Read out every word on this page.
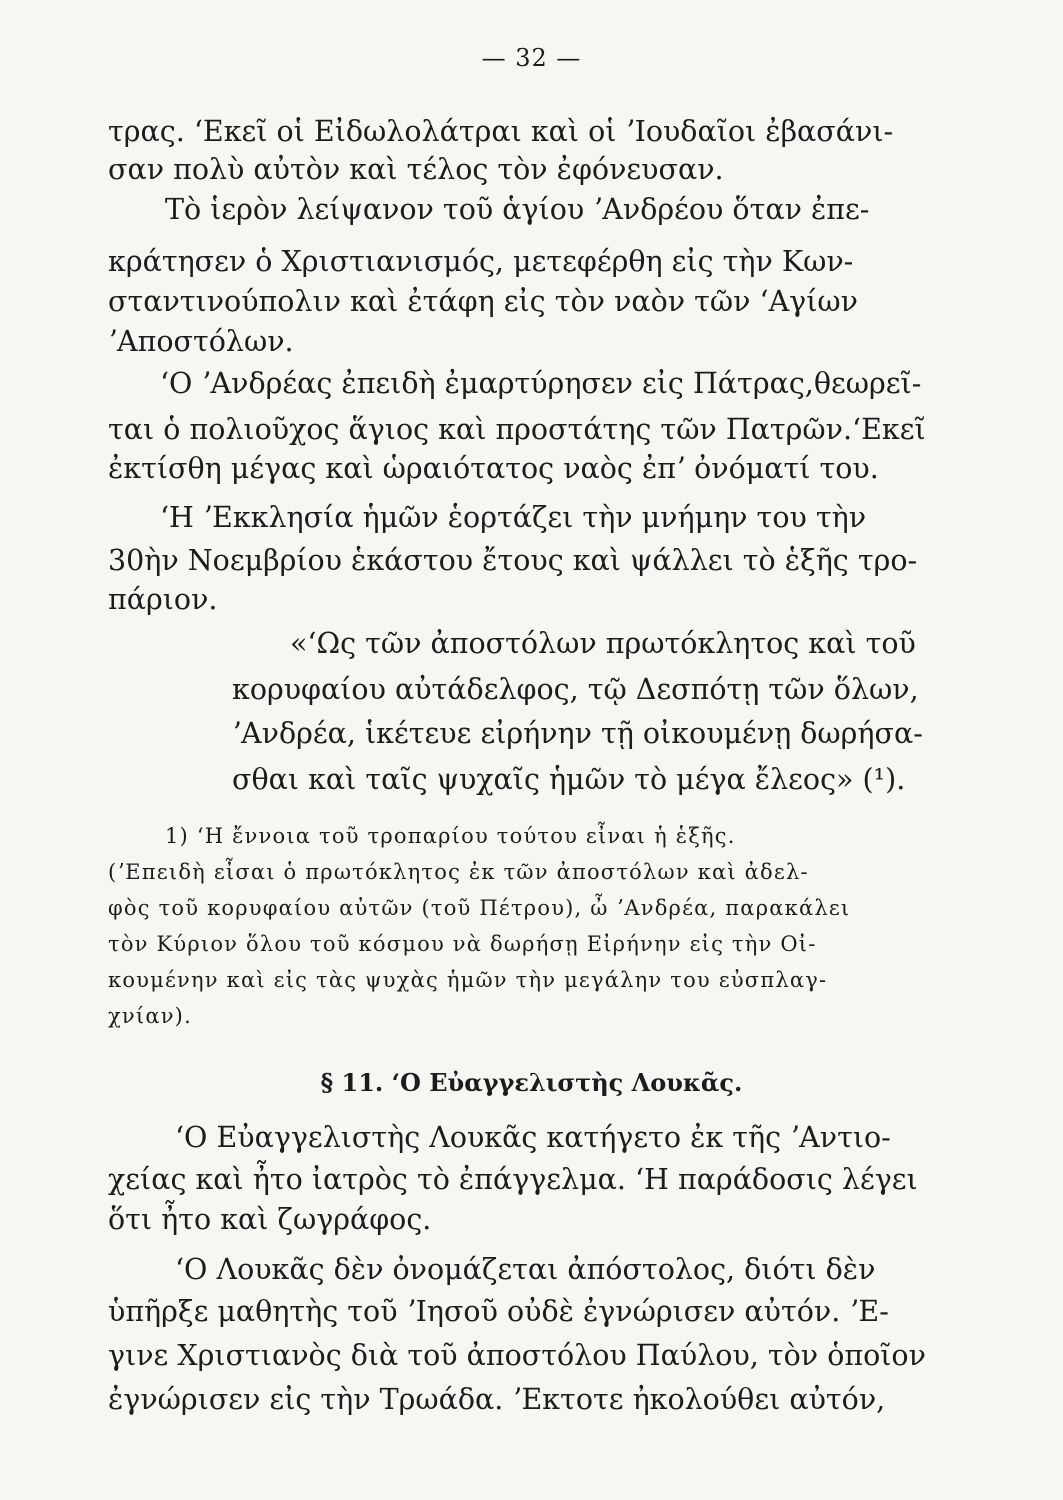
— 32 —
τρας. ʻΕκεῖ οἱ Εἰδωλολάτραι καὶ οἱ ʼΙουδαῖοι ἐβασάνι-
σαν πολὺ αὐτὸν καὶ τέλος τὸν ἐφόνευσαν.
Τὸ ἱερὸν λείψανον τοῦ ἁγίου ʼΑνδρέου ὅταν ἐπε-
κράτησεν ὁ Χριστιανισμός, μετεφέρθη εἰς τὴν Κων-
σταντινούπολιν καὶ ἐτάφη εἰς τὸν ναὸν τῶν ʻΑγίων
ʼΑποστόλων.
ʻΟ ʼΑνδρέας ἐπειδὴ ἐμαρτύρησεν εἰς Πάτρας,θεωρεῖ-
ται ὁ πολιοῦχος ἅγιος καὶ προστάτης τῶν Πατρῶν.ʻΕκεῖ
ἐκτίσθη μέγας καὶ ὡραιότατος ναὸς ἐπʼ ὀνόματί του.
ʻΗ ʼΕκκλησία ἡμῶν ἑορτάζει τὴν μνήμην του τὴν
30ὴν Νοεμβρίου ἑκάστου ἔτους καὶ ψάλλει τὸ ἑξῆς τρο-
πάριον.
«ʻΩς τῶν ἀποστόλων πρωτόκλητος καὶ τοῦ
κορυφαίου αὐτάδελφος, τῷ Δεσπότῃ τῶν ὅλων,
ʼΑνδρέα, ἱκέτευε εἰρήνην τῇ οἰκουμένῃ δωρήσα-
σθαι καὶ ταῖς ψυχαῖς ἡμῶν τὸ μέγα ἔλεος» (¹).
1) ʻΗ ἔννοια τοῦ τροπαρίου τούτου εἶναι ἡ ἑξῆς.
(ʼΕπειδὴ εἶσαι ὁ πρωτόκλητος ἐκ τῶν ἀποστόλων καὶ ἀδελ-
φὸς τοῦ κορυφαίου αὐτῶν (τοῦ Πέτρου), ὦ ʼΑνδρέα, παρακάλει
τὸν Κύριον ὅλου τοῦ κόσμου νὰ δωρήσῃ Εἰρήνην εἰς τὴν Οἰ-
κουμένην καὶ εἰς τὰς ψυχὰς ἡμῶν τὴν μεγάλην του εὐσπλαγ-
χνίαν).
§ 11. ʻΟ Εὐαγγελιστὴς Λουκᾶς.
ʻΟ Εὐαγγελιστὴς Λουκᾶς κατήγετο ἐκ τῆς ʼΑντιο-
χείας καὶ ἦτο ἰατρὸς τὸ ἐπάγγελμα. ʻΗ παράδοσις λέγει
ὅτι ἦτο καὶ ζωγράφος.
ʻΟ Λουκᾶς δὲν ὀνομάζεται ἀπόστολος, διότι δὲν
ὑπῆρξε μαθητὴς τοῦ ʼΙησοῦ οὐδὲ ἐγνώρισεν αὐτόν. ʼΕ-
γινε Χριστιανὸς διὰ τοῦ ἀποστόλου Παύλου, τὸν ὁποῖον
ἐγνώρισεν εἰς τὴν Τρωάδα. ʼΕκτοτε ἠκολούθει αὐτόν,
